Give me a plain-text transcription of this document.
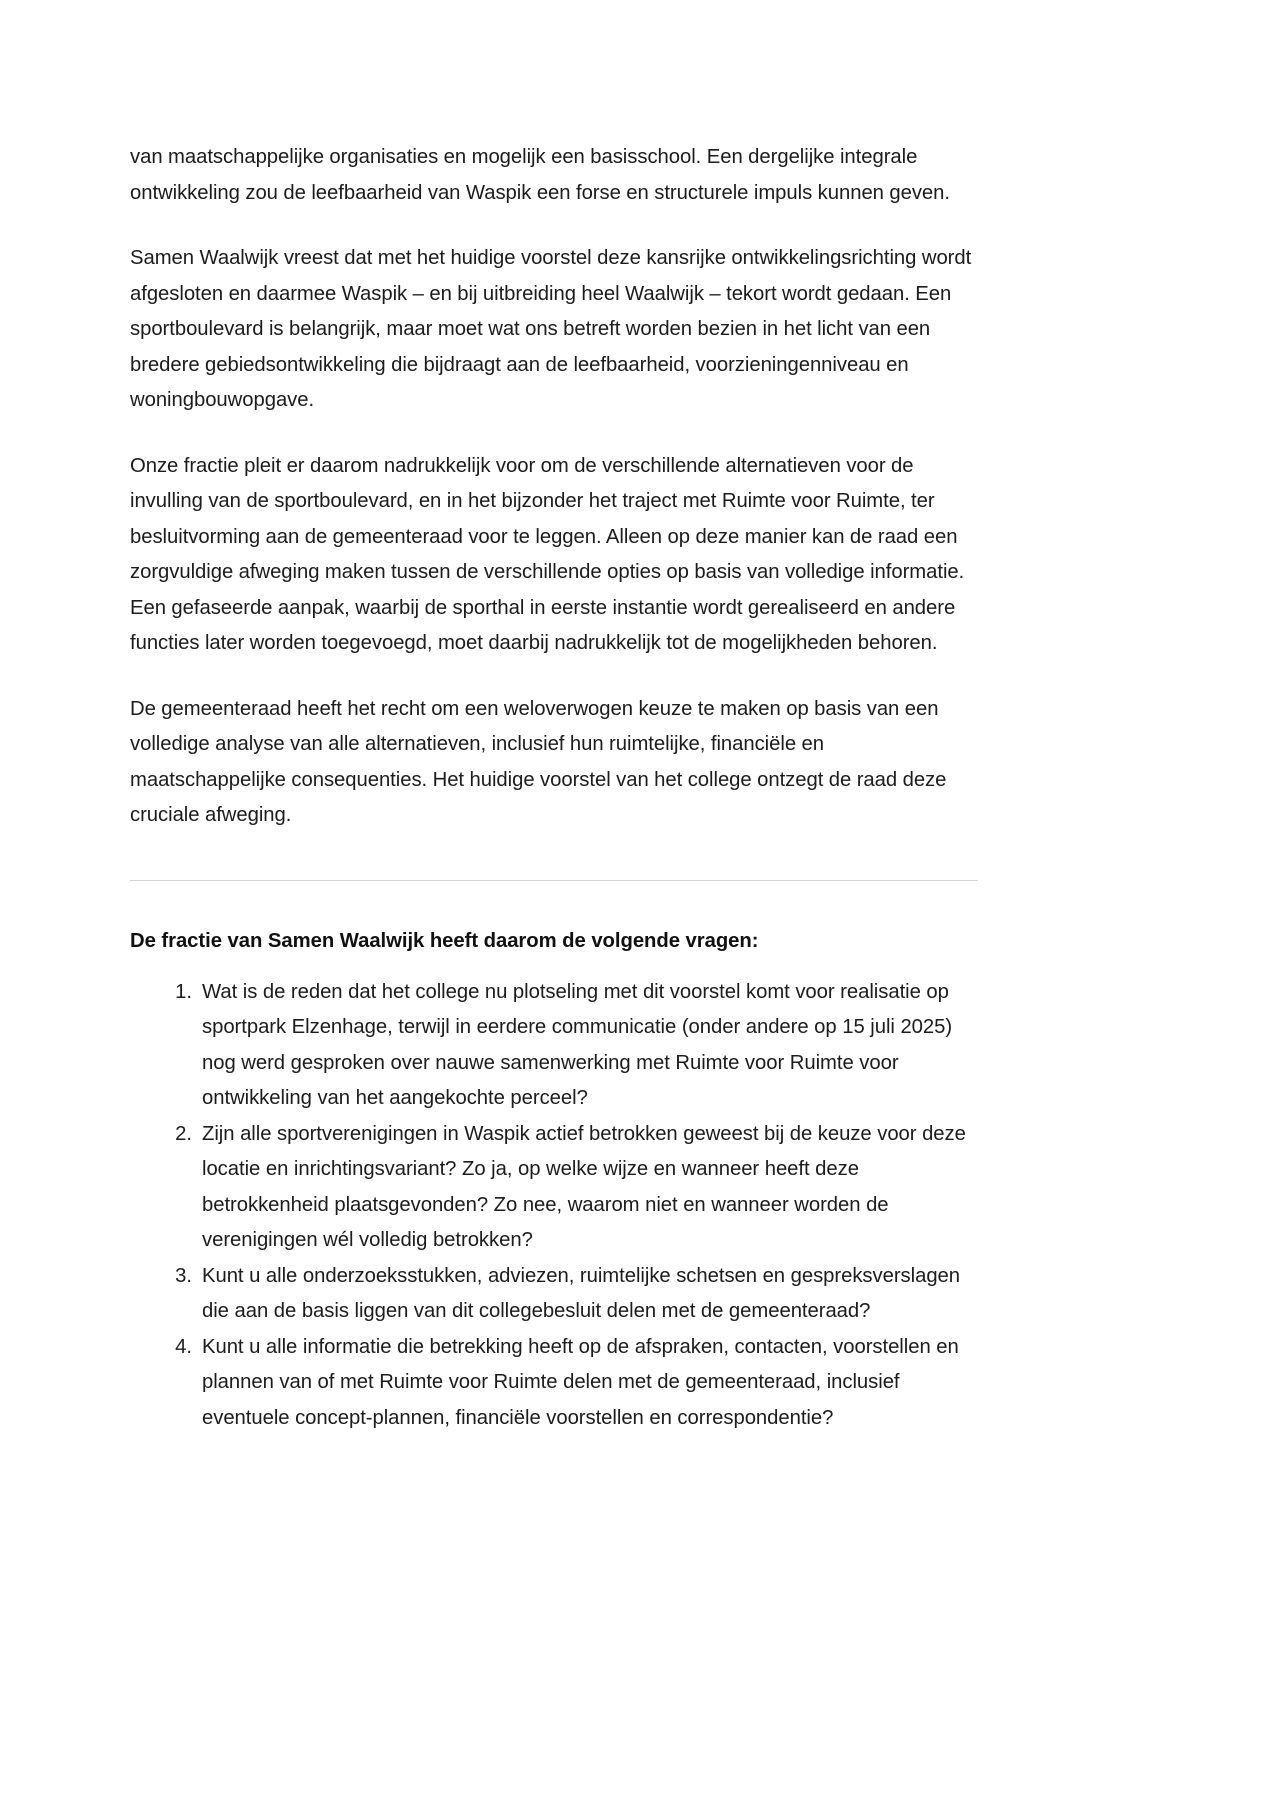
van maatschappelijke organisaties en mogelijk een basisschool. Een dergelijke integrale ontwikkeling zou de leefbaarheid van Waspik een forse en structurele impuls kunnen geven.

Samen Waalwijk vreest dat met het huidige voorstel deze kansrijke ontwikkelingsrichting wordt afgesloten en daarmee Waspik – en bij uitbreiding heel Waalwijk – tekort wordt gedaan. Een sportboulevard is belangrijk, maar moet wat ons betreft worden bezien in het licht van een bredere gebiedsontwikkeling die bijdraagt aan de leefbaarheid, voorzieningenniveau en woningbouwopgave.

Onze fractie pleit er daarom nadrukkelijk voor om de verschillende alternatieven voor de invulling van de sportboulevard, en in het bijzonder het traject met Ruimte voor Ruimte, ter besluitvorming aan de gemeenteraad voor te leggen. Alleen op deze manier kan de raad een zorgvuldige afweging maken tussen de verschillende opties op basis van volledige informatie. Een gefaseerde aanpak, waarbij de sporthal in eerste instantie wordt gerealiseerd en andere functies later worden toegevoegd, moet daarbij nadrukkelijk tot de mogelijkheden behoren.

De gemeenteraad heeft het recht om een weloverwogen keuze te maken op basis van een volledige analyse van alle alternatieven, inclusief hun ruimtelijke, financiële en maatschappelijke consequenties. Het huidige voorstel van het college ontzegt de raad deze cruciale afweging.

De fractie van Samen Waalwijk heeft daarom de volgende vragen:

Wat is de reden dat het college nu plotseling met dit voorstel komt voor realisatie op sportpark Elzenhage, terwijl in eerdere communicatie (onder andere op 15 juli 2025) nog werd gesproken over nauwe samenwerking met Ruimte voor Ruimte voor ontwikkeling van het aangekochte perceel?
Zijn alle sportverenigingen in Waspik actief betrokken geweest bij de keuze voor deze locatie en inrichtingsvariant? Zo ja, op welke wijze en wanneer heeft deze betrokkenheid plaatsgevonden? Zo nee, waarom niet en wanneer worden de verenigingen wél volledig betrokken?
Kunt u alle onderzoeksstukken, adviezen, ruimtelijke schetsen en gespreksverslagen die aan de basis liggen van dit collegebesluit delen met de gemeenteraad?
Kunt u alle informatie die betrekking heeft op de afspraken, contacten, voorstellen en plannen van of met Ruimte voor Ruimte delen met de gemeenteraad, inclusief eventuele concept-plannen, financiële voorstellen en correspondentie?
